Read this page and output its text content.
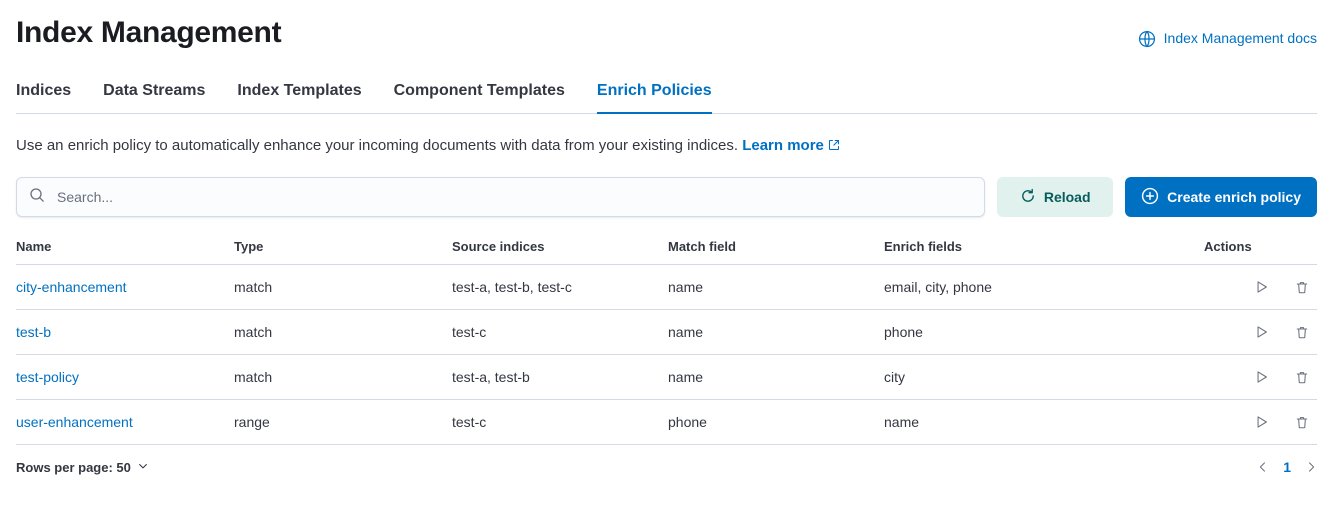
Index Management	Index Management docs
Indices Data Streams Index Templates Component Templates Enrich Policies
Use an enrich policy to automatically enhance your incoming documents with data from your existing indices. Learn more
Search...
Reload	Create enrich policy
Name	Type	Source indices	Match field	Enrich fields	Actions
city-enhancement	match	test-a, test-b, test-c	name	email, city, phone	

test-b	match	test-c	name	phone	

test-policy	match	test-a, test-b	name	city	

user-enhancement	range	test-c	phone	name	
Rows per page: 50	1
